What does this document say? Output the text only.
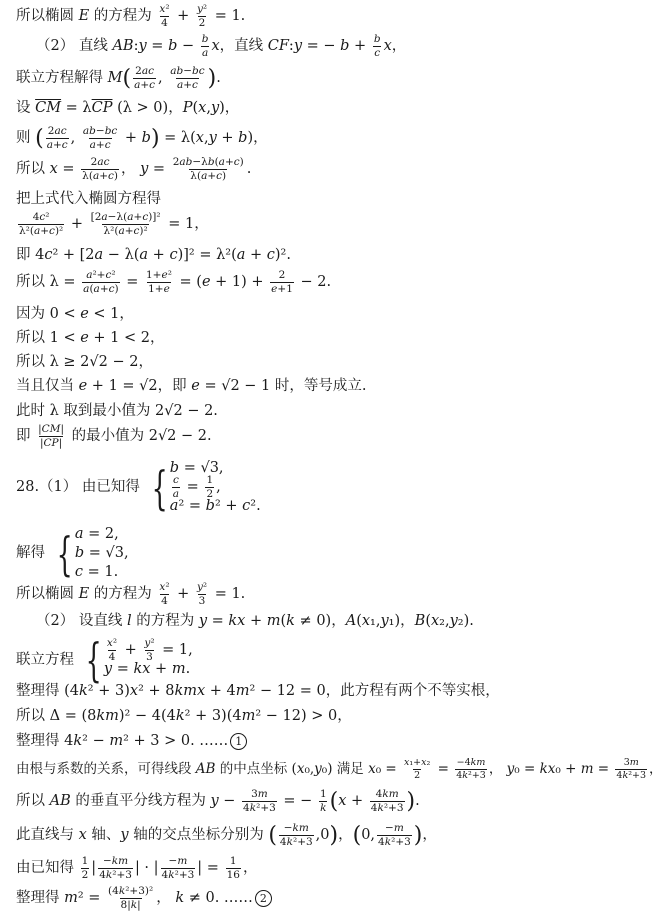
所以椭圆 E 的方程为 $\frac{\text{x²}}{4} + \frac{\text{y²}}{2} = 1$.
（2） 直线 AB:y = $b - \frac{b}{a}$ x，直线 CF:y = − $b + \frac{b}{c}$ x，
联立方程解得 M ( $\frac{2ac}{a+c}$ , $\frac{ab-bc}{a+c}$ ) .
设 $\overline{CM} = \lambda\overline{CP}$ (λ > 0)，P(x,y)，
则 ( $\frac{2ac}{a+c}$ , $\frac{ab-bc}{a+c} + b$ ) = λ(x,y + b)，
所以 $x = \frac{2ac}{\lambda(a+c)}$ ， $y = \frac{2ab-\lambda b(a+c)}{\lambda(a+c)}$ .
把上式代入椭圆方程得
$\frac{\text{4c²}}{\text{λ²(a+c)²}} + \frac{\text{[2a−λ(a+c)]²}}{\text{λ²(a+c)²}} = 1$，
即 4c² + [2a − λ(a + c)]² = λ²(a + c)².
所以 $\lambda = \frac{\text{a²+c²}}{a(a+c)} = \frac{\text{1+e²}}{1+e} = (e + 1) + \frac{2}{e+1} - 2$.
因为 0 < e < 1，
所以 1 < e + 1 < 2，
所以 λ ≥ 2√2 − 2，
当且仅当 e + 1 = √2，即 e = √2 − 1 时，等号成立.
此时 λ 取到最小值为 2√2 − 2.
即 $\frac{|CM|}{|CP|}$ 的最小值为 2√2 − 2.
28.（1） 由已知得 { b = √3,
$\frac{c}{a} = \frac{1}{2}$ ,
a ² = b ² + c ².
解得 { a = 2,
b = √3,
c = 1.
所以椭圆 E 的方程为 $\frac{\text{x²}}{4} + \frac{\text{y²}}{3} = 1$.
（2） 设直线 l 的方程为 y = kx + m(k ≠ 0)，A(x₁,y₁)，B(x₂,y₂).
联立方程 { $\frac{\text{x²}}{4} + \frac{\text{y²}}{3} = 1$,
y = kx + m .
整理得 (4k² + 3)x² + 8kmx + 4m² − 12 = 0，此方程有两个不等实根，
所以 Δ = (8km)² − 4(4k² + 3)(4m² − 12) > 0，
整理得 4k² − m² + 3 > 0. …… 1
由根与系数的关系，可得线段 AB 的中点坐标 (x₀,y₀) 满足 $x_0 = \frac{\text{x₁+x₂}}{2} = \frac{-4km}{\text{4k²+3}}$ ， $y_0 = kx_0 + m = \frac{3m}{\text{4k²+3}}$ ，
所以 AB 的垂直平分线方程为 $y - \frac{3m}{\text{4k²+3}}$ = − $\frac{1}{k}$ ( $x + \frac{4km}{\text{4k²+3}}$ ) .
此直线与 x 轴、y 轴的交点坐标分别为 ( $\frac{-km}{\text{4k²+3}} ,0$ ) ， ( 0, $\frac{-m}{\text{4k²+3}}$ ) ，
由已知得 $\frac{1}{2}$ | $\frac{-km}{\text{4k²+3}}$ | · | $\frac{-m}{\text{4k²+3}}$ | = $\frac{1}{16}$ ，
整理得 $m^2 = \frac{\text{(4k²+3)²}}{8|k|}$ ， k ≠ 0. …… 2
